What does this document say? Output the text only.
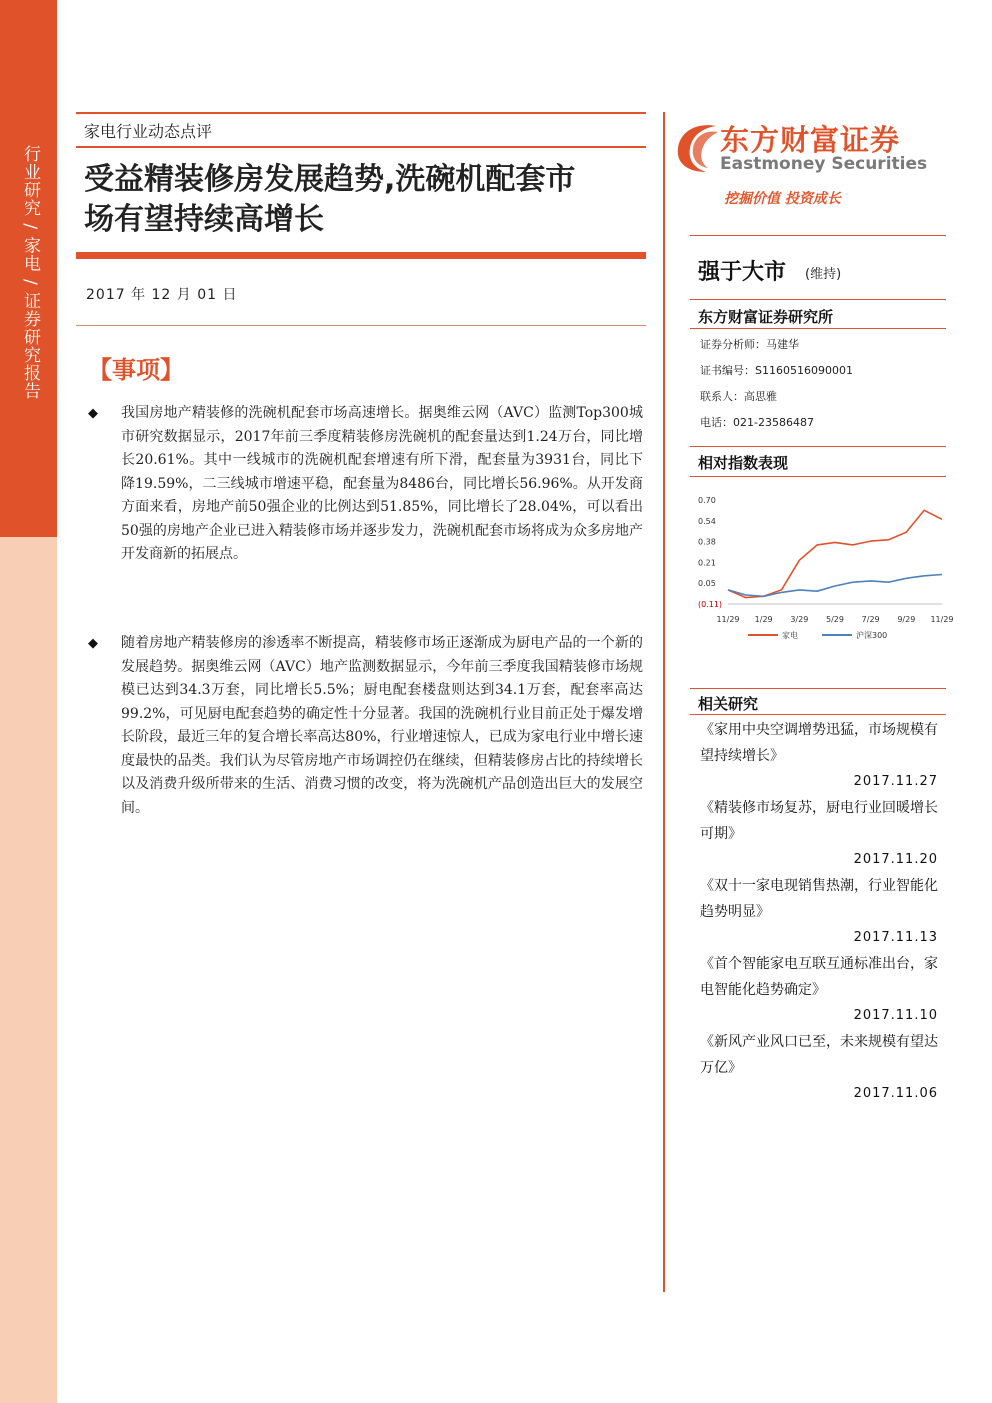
行业研究 / 家电 / 证券研究报告
家电行业动态点评
受益精装修房发展趋势,洗碗机配套市
场有望持续高增长
2017 年 12 月 01 日
【事项】
◆ 我国房地产精装修的洗碗机配套市场高速增长。据奥维云网（AVC）监测Top300城市研究数据显示，2017年前三季度精装修房洗碗机的配套量达到1.24万台，同比增长20.61%。其中一线城市的洗碗机配套增速有所下滑，配套量为3931台，同比下降19.59%，二三线城市增速平稳，配套量为8486台，同比增长56.96%。从开发商方面来看，房地产前50强企业的比例达到51.85%，同比增长了28.04%，可以看出50强的房地产企业已进入精装修市场并逐步发力，洗碗机配套市场将成为众多房地产开发商新的拓展点。
◆ 随着房地产精装修房的渗透率不断提高，精装修市场正逐渐成为厨电产品的一个新的发展趋势。据奥维云网（AVC）地产监测数据显示，今年前三季度我国精装修市场规模已达到34.3万套，同比增长5.5%；厨电配套楼盘则达到34.1万套，配套率高达99.2%，可见厨电配套趋势的确定性十分显著。我国的洗碗机行业目前正处于爆发增长阶段，最近三年的复合增长率高达80%，行业增速惊人，已成为家电行业中增长速度最快的品类。我们认为尽管房地产市场调控仍在继续，但精装修房占比的持续增长以及消费升级所带来的生活、消费习惯的改变，将为洗碗机产品创造出巨大的发展空间。
东方财富证券
Eastmoney Securities
挖掘价值 投资成长
强于大市 (维持)
东方财富证券研究所
证券分析师：马建华
证书编号：S1160516090001
联系人：高思雅
电话：021-23586487
相对指数表现
0.70
0.54
0.38
0.21
0.05
(0.11)
11/29 1/29 3/29 5/29 7/29 9/29 11/29
家电	沪深300
相关研究
《家用中央空调增势迅猛，市场规模有望持续增长》
2017.11.27
《精装修市场复苏，厨电行业回暖增长可期》
2017.11.20
《双十一家电现销售热潮，行业智能化趋势明显》
2017.11.13
《首个智能家电互联互通标准出台，家电智能化趋势确定》
2017.11.10
《新风产业风口已至，未来规模有望达万亿》
2017.11.06
